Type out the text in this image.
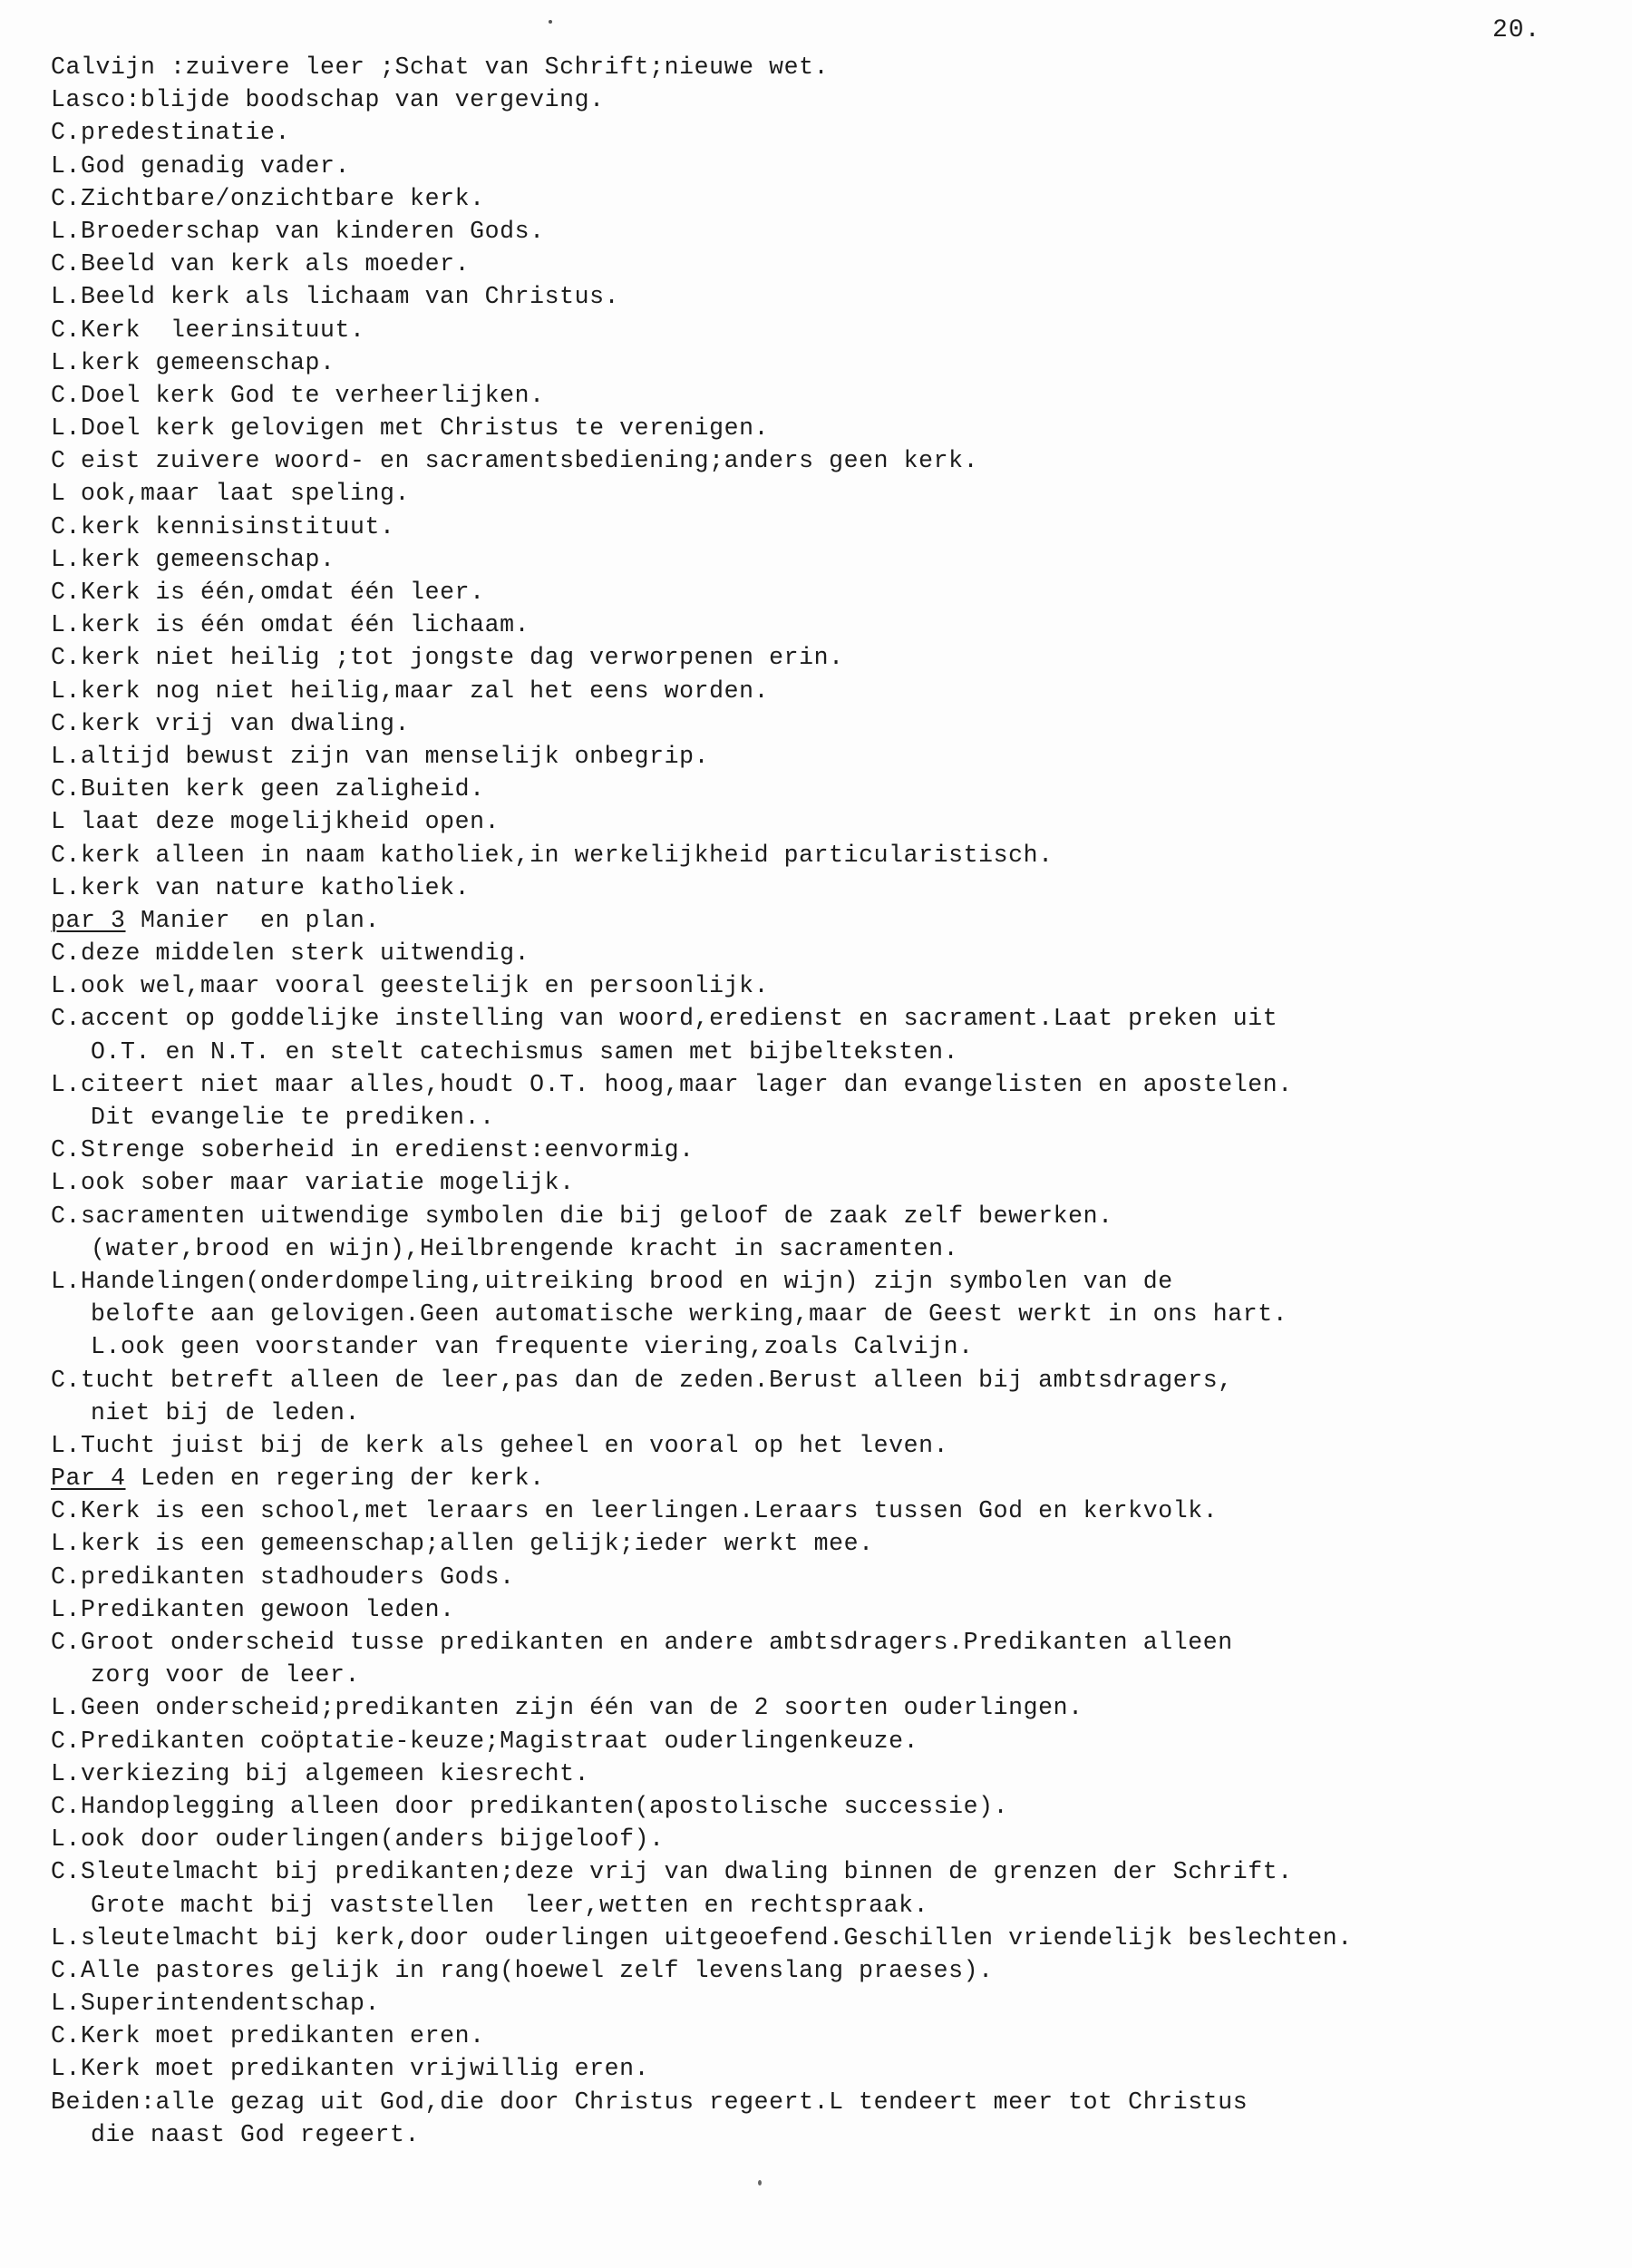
20.
Calvijn :zuivere leer ;Schat van Schrift;nieuwe wet.
Lasco:blijde boodschap van vergeving.
C.predestinatie.
L.God genadig vader.
C.Zichtbare/onzichtbare kerk.
L.Broederschap van kinderen Gods.
C.Beeld van kerk als moeder.
L.Beeld kerk als lichaam van Christus.
C.Kerk  leerinsituut.
L.kerk gemeenschap.
C.Doel kerk God te verheerlijken.
L.Doel kerk gelovigen met Christus te verenigen.
C eist zuivere woord- en sacramentsbediening;anders geen kerk.
L ook,maar laat speling.
C.kerk kennisinstituut.
L.kerk gemeenschap.
C.Kerk is één,omdat één leer.
L.kerk is één omdat één lichaam.
C.kerk niet heilig ;tot jongste dag verworpenen erin.
L.kerk nog niet heilig,maar zal het eens worden.
C.kerk vrij van dwaling.
L.altijd bewust zijn van menselijk onbegrip.
C.Buiten kerk geen zaligheid.
L laat deze mogelijkheid open.
C.kerk alleen in naam katholiek,in werkelijkheid particularistisch.
L.kerk van nature katholiek.
par 3 Manier  en plan.
C.deze middelen sterk uitwendig.
L.ook wel,maar vooral geestelijk en persoonlijk.
C.accent op goddelijke instelling van woord,eredienst en sacrament.Laat preken uit
O.T. en N.T. en stelt catechismus samen met bijbelteksten.
L.citeert niet maar alles,houdt O.T. hoog,maar lager dan evangelisten en apostelen.
Dit evangelie te prediken..
C.Strenge soberheid in eredienst:eenvormig.
L.ook sober maar variatie mogelijk.
C.sacramenten uitwendige symbolen die bij geloof de zaak zelf bewerken.
(water,brood en wijn),Heilbrengende kracht in sacramenten.
L.Handelingen(onderdompeling,uitreiking brood en wijn) zijn symbolen van de
belofte aan gelovigen.Geen automatische werking,maar de Geest werkt in ons hart.
L.ook geen voorstander van frequente viering,zoals Calvijn.
C.tucht betreft alleen de leer,pas dan de zeden.Berust alleen bij ambtsdragers,
niet bij de leden.
L.Tucht juist bij de kerk als geheel en vooral op het leven.
Par 4 Leden en regering der kerk.
C.Kerk is een school,met leraars en leerlingen.Leraars tussen God en kerkvolk.
L.kerk is een gemeenschap;allen gelijk;ieder werkt mee.
C.predikanten stadhouders Gods.
L.Predikanten gewoon leden.
C.Groot onderscheid tusse predikanten en andere ambtsdragers.Predikanten alleen
zorg voor de leer.
L.Geen onderscheid;predikanten zijn één van de 2 soorten ouderlingen.
C.Predikanten coöptatie-keuze;Magistraat ouderlingenkeuze.
L.verkiezing bij algemeen kiesrecht.
C.Handoplegging alleen door predikanten(apostolische successie).
L.ook door ouderlingen(anders bijgeloof).
C.Sleutelmacht bij predikanten;deze vrij van dwaling binnen de grenzen der Schrift.
Grote macht bij vaststellen  leer,wetten en rechtspraak.
L.sleutelmacht bij kerk,door ouderlingen uitgeoefend.Geschillen vriendelijk beslechten.
C.Alle pastores gelijk in rang(hoewel zelf levenslang praeses).
L.Superintendentschap.
C.Kerk moet predikanten eren.
L.Kerk moet predikanten vrijwillig eren.
Beiden:alle gezag uit God,die door Christus regeert.L tendeert meer tot Christus
die naast God regeert.
